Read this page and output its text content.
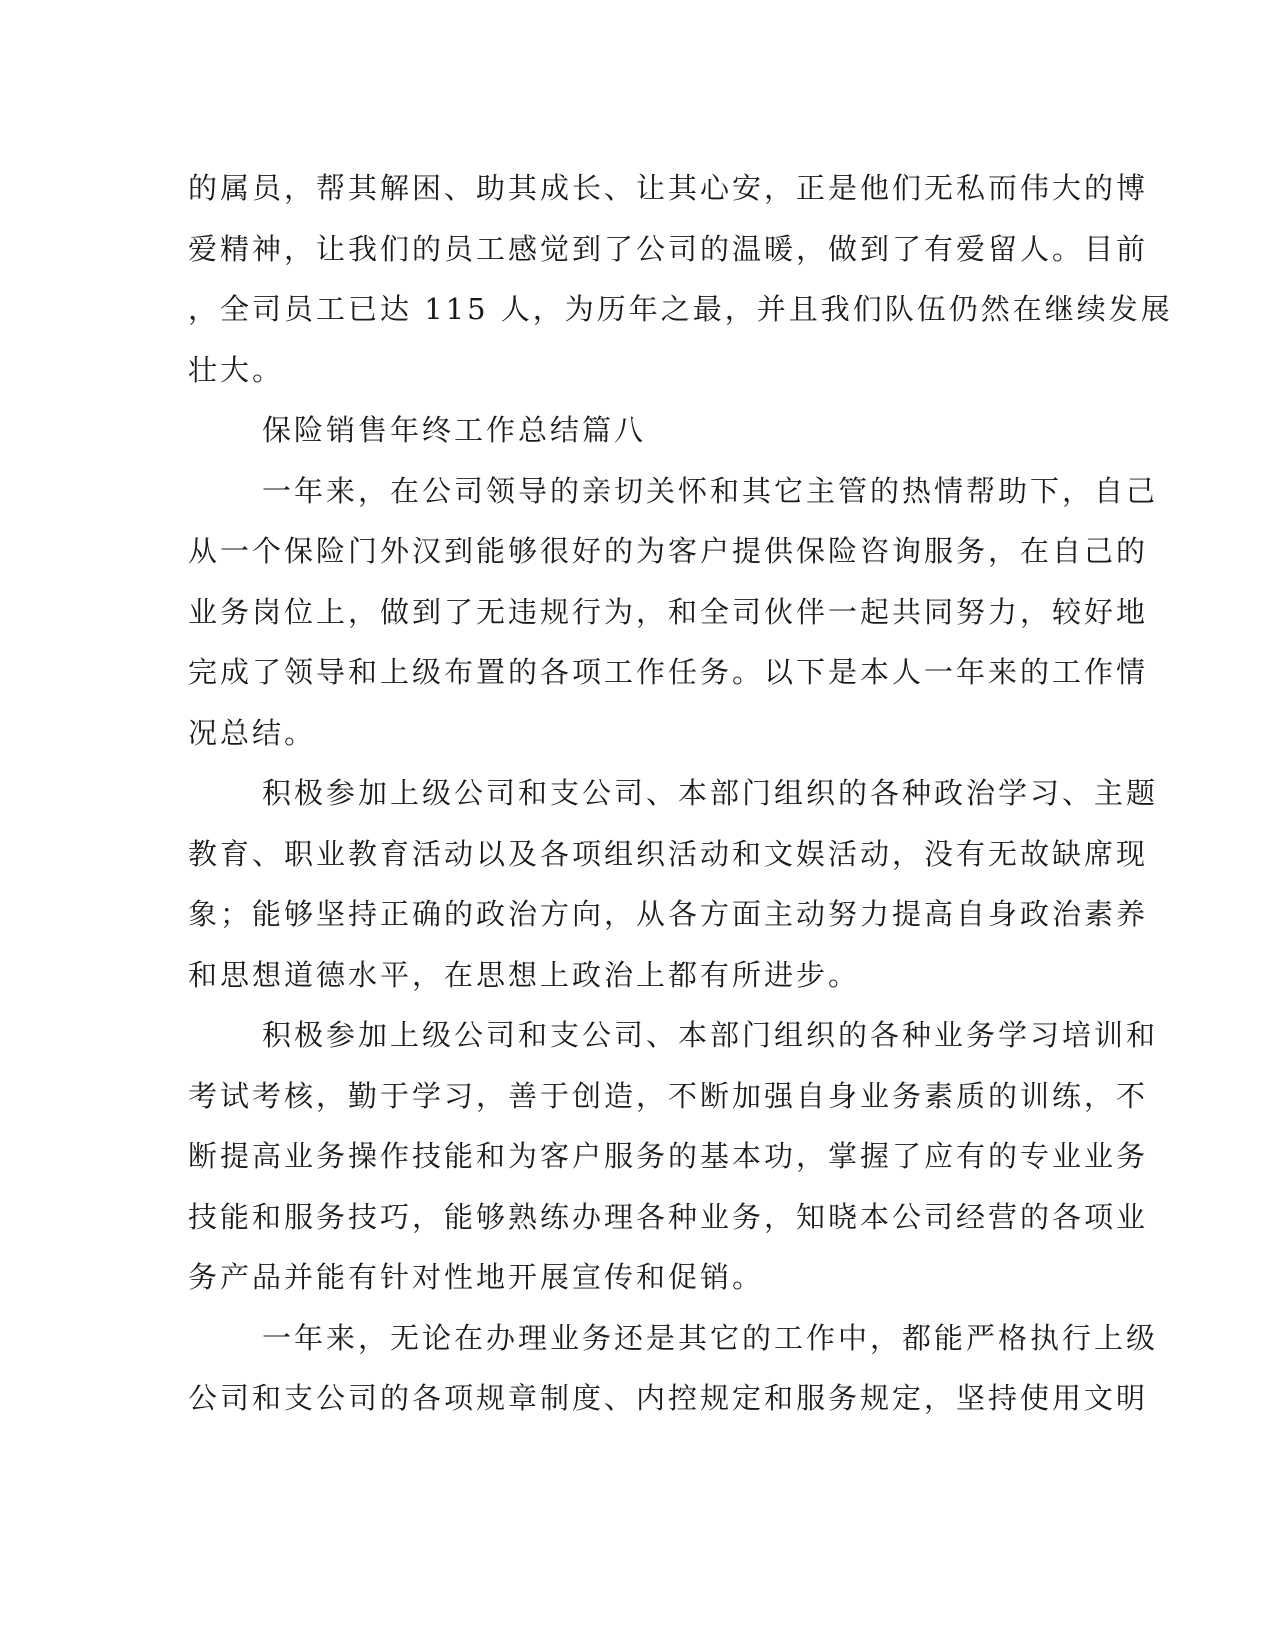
的属员，帮其解困、助其成长、让其心安，正是他们无私而伟大的博
爱精神，让我们的员工感觉到了公司的温暖，做到了有爱留人。目前
，全司员工已达 115 人，为历年之最，并且我们队伍仍然在继续发展
壮大。
保险销售年终工作总结篇八
一年来，在公司领导的亲切关怀和其它主管的热情帮助下，自己
从一个保险门外汉到能够很好的为客户提供保险咨询服务，在自己的
业务岗位上，做到了无违规行为，和全司伙伴一起共同努力，较好地
完成了领导和上级布置的各项工作任务。以下是本人一年来的工作情
况总结。
积极参加上级公司和支公司、本部门组织的各种政治学习、主题
教育、职业教育活动以及各项组织活动和文娱活动，没有无故缺席现
象；能够坚持正确的政治方向，从各方面主动努力提高自身政治素养
和思想道德水平，在思想上政治上都有所进步。
积极参加上级公司和支公司、本部门组织的各种业务学习培训和
考试考核，勤于学习，善于创造，不断加强自身业务素质的训练，不
断提高业务操作技能和为客户服务的基本功，掌握了应有的专业业务
技能和服务技巧，能够熟练办理各种业务，知晓本公司经营的各项业
务产品并能有针对性地开展宣传和促销。
一年来，无论在办理业务还是其它的工作中，都能严格执行上级
公司和支公司的各项规章制度、内控规定和服务规定，坚持使用文明
